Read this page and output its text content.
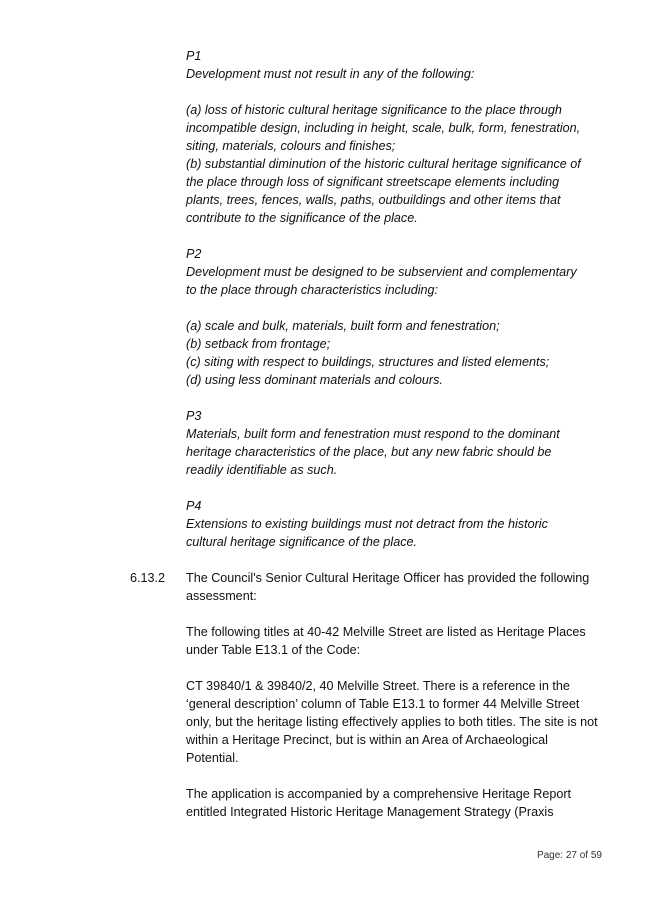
P1

Development must not result in any of the following:

(a) loss of historic cultural heritage significance to the place through
incompatible design, including in height, scale, bulk, form, fenestration,
siting, materials, colours and finishes;

(b) substantial diminution of the historic cultural heritage significance of
the place through loss of significant streetscape elements including
plants, trees, fences, walls, paths, outbuildings and other items that
contribute to the significance of the place.

P2

Development must be designed to be subservient and complementary
to the place through characteristics including:

(a) scale and bulk, materials, built form and fenestration;

(b) setback from frontage;

(c) siting with respect to buildings, structures and listed elements;

(d) using less dominant materials and colours.

P3

Materials, built form and fenestration must respond to the dominant
heritage characteristics of the place, but any new fabric should be
readily identifiable as such.

P4

Extensions to existing buildings must not detract from the historic
cultural heritage significance of the place.

6.13.2 The Council's Senior Cultural Heritage Officer has provided the following
assessment:

The following titles at 40-42 Melville Street are listed as Heritage Places
under Table E13.1 of the Code:

CT 39840/1 & 39840/2, 40 Melville Street. There is a reference in the
‘general description’ column of Table E13.1 to former 44 Melville Street
only, but the heritage listing effectively applies to both titles. The site is not
within a Heritage Precinct, but is within an Area of Archaeological
Potential.

The application is accompanied by a comprehensive Heritage Report
entitled Integrated Historic Heritage Management Strategy (Praxis

Page: 27 of 59
